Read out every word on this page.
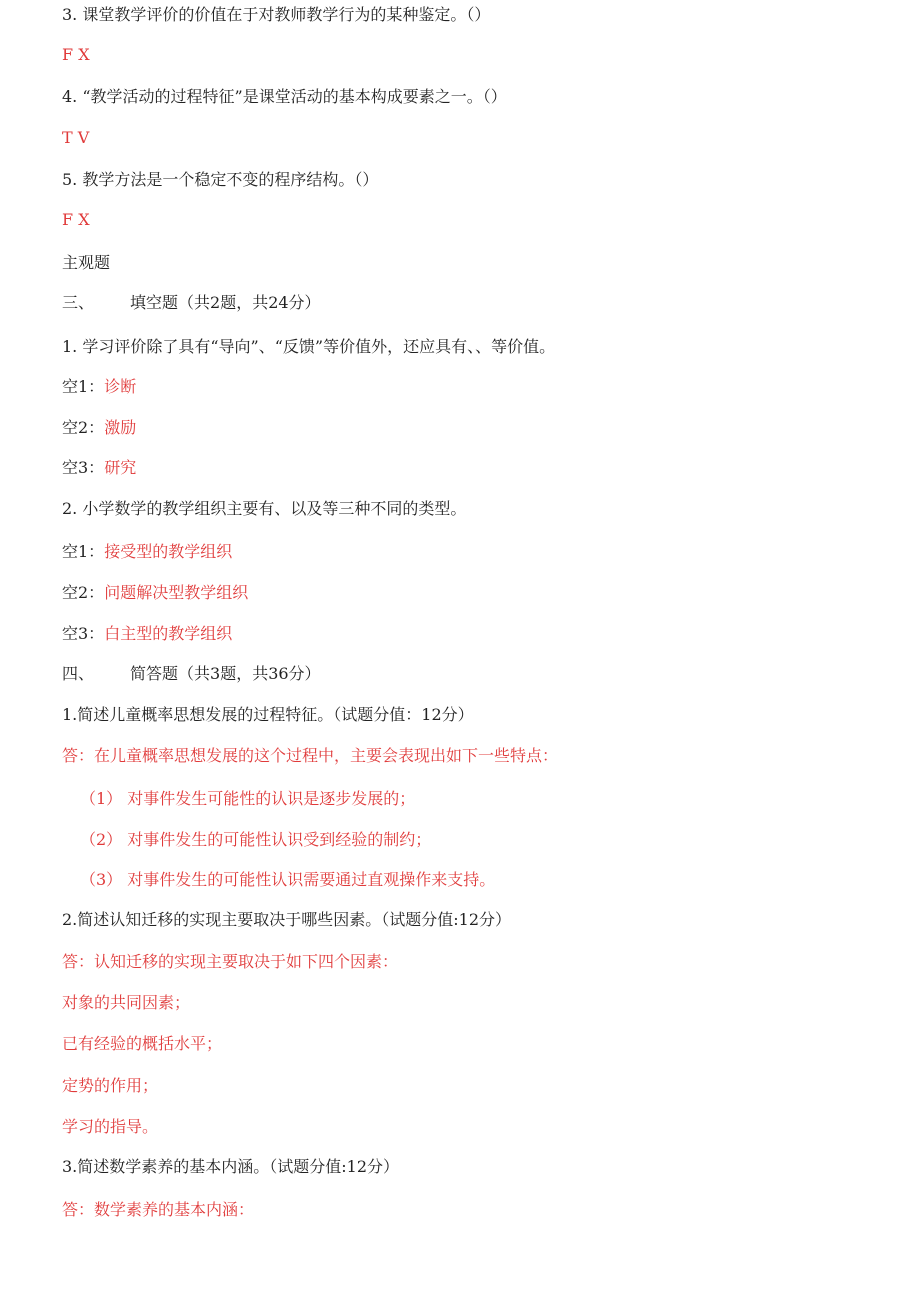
3. 课堂教学评价的价值在于对教师教学行为的某种鉴定。（）
F X
4. “教学活动的过程特征”是课堂活动的基本构成要素之一。（）
T V
5. 教学方法是一个稳定不变的程序结构。（）
F X
主观题
三、 填空题（共2题，共24分）
1. 学习评价除了具有“导向”、“反馈”等价值外，还应具有、、等价值。
空1：诊断
空2：激励
空3：研究
2. 小学数学的教学组织主要有、以及等三种不同的类型。
空1：接受型的教学组织
空2：问题解决型教学组织
空3：白主型的教学组织
四、 简答题（共3题，共36分）
1.简述儿童概率思想发展的过程特征。（试题分值：12分）
答：在儿童概率思想发展的这个过程中，主要会表现出如下一些特点：
（1） 对事件发生可能性的认识是逐步发展的；
（2） 对事件发生的可能性认识受到经验的制约；
（3） 对事件发生的可能性认识需要通过直观操作来支持。
2.简述认知迁移的实现主要取决于哪些因素。（试题分值:12分）
答：认知迁移的实现主要取决于如下四个因素：
对象的共同因素；
已有经验的概括水平；
定势的作用；
学习的指导。
3.简述数学素养的基本内涵。（试题分值:12分）
答：数学素养的基本内涵：
